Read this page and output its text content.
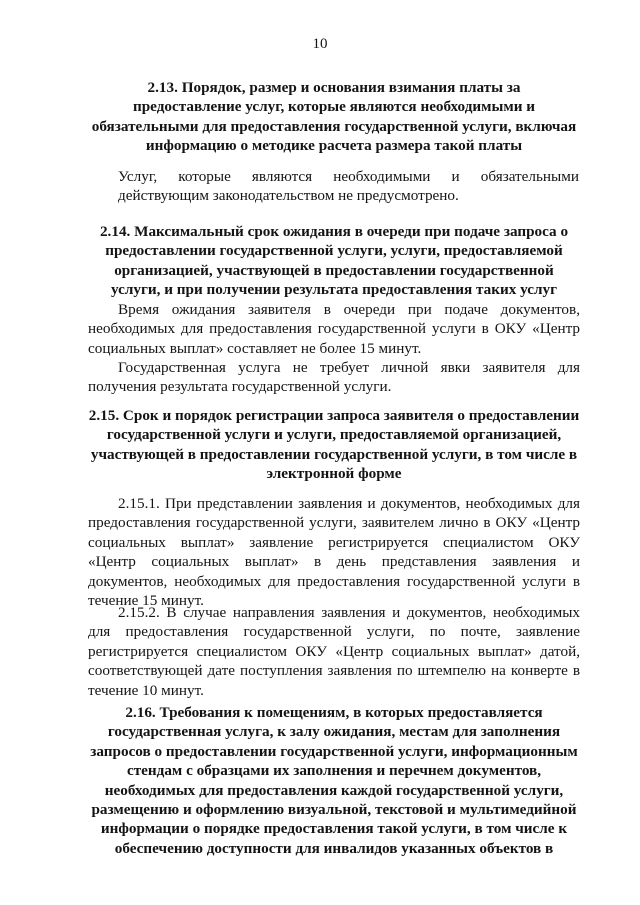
10
2.13. Порядок, размер и основания взимания платы за
предоставление услуг, которые являются необходимыми и
обязательными для предоставления государственной услуги, включая
информацию о методике расчета размера такой платы
Услуг, которые являются необходимыми и обязательными
действующим законодательством не предусмотрено.
2.14. Максимальный срок ожидания в очереди при подаче запроса о
предоставлении государственной услуги, услуги, предоставляемой
организацией, участвующей в предоставлении государственной
услуги, и при получении результата предоставления таких услуг
Время ожидания заявителя в очереди при подаче документов,
необходимых для предоставления государственной услуги в ОКУ «Центр
социальных выплат» составляет не более 15 минут.
Государственная услуга не требует личной явки заявителя для
получения результата государственной услуги.
2.15. Срок и порядок регистрации запроса заявителя о предоставлении
государственной услуги и услуги, предоставляемой организацией,
участвующей в предоставлении государственной услуги, в том числе в
электронной форме
2.15.1. При представлении заявления и документов, необходимых для
предоставления государственной услуги, заявителем лично в ОКУ «Центр
социальных выплат» заявление регистрируется специалистом ОКУ
«Центр социальных выплат» в день представления заявления и
документов, необходимых для предоставления государственной услуги в
течение 15 минут.
2.15.2. В случае направления заявления и документов, необходимых
для предоставления государственной услуги, по почте, заявление
регистрируется специалистом ОКУ «Центр социальных выплат» датой,
соответствующей дате поступления заявления по штемпелю на конверте в
течение 10 минут.
2.16. Требования к помещениям, в которых предоставляется
государственная услуга, к залу ожидания, местам для заполнения
запросов о предоставлении государственной услуги, информационным
стендам с образцами их заполнения и перечнем документов,
необходимых для предоставления каждой государственной услуги,
размещению и оформлению визуальной, текстовой и мультимедийной
информации о порядке предоставления такой услуги, в том числе к
обеспечению доступности для инвалидов указанных объектов в
